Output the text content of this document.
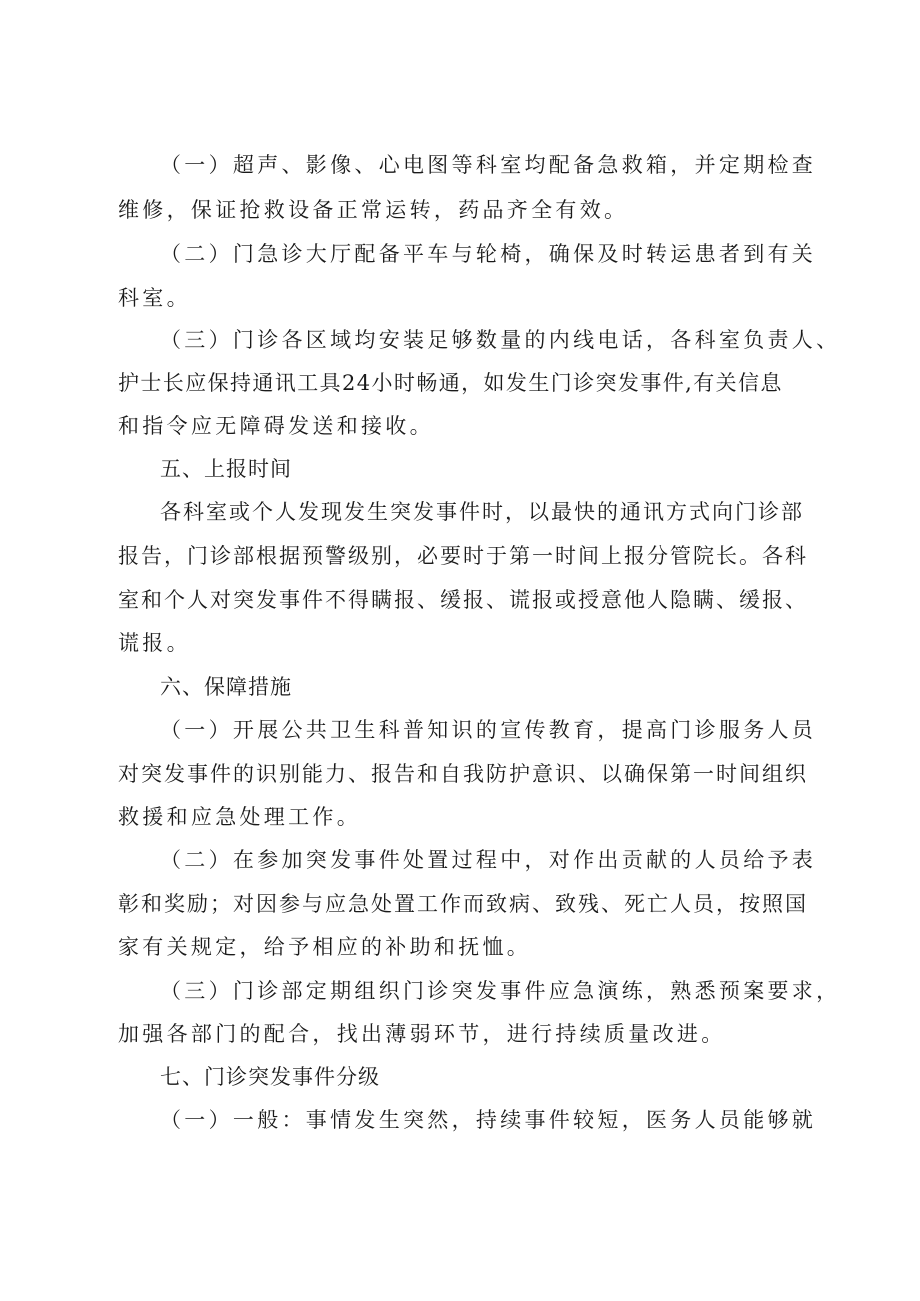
（一）超声、影像、心电图等科室均配备急救箱，并定期检查
维修，保证抢救设备正常运转，药品齐全有效。
（二）门急诊大厅配备平车与轮椅，确保及时转运患者到有关
科室。
（三）门诊各区域均安装足够数量的内线电话，各科室负责人、
护士长应保持通讯工具24小时畅通，如发生门诊突发事件,有关信息
和指令应无障碍发送和接收。
五、上报时间
各科室或个人发现发生突发事件时，以最快的通讯方式向门诊部
报告，门诊部根据预警级别，必要时于第一时间上报分管院长。各科
室和个人对突发事件不得瞒报、缓报、谎报或授意他人隐瞒、缓报、
谎报。
六、保障措施
（一）开展公共卫生科普知识的宣传教育，提高门诊服务人员
对突发事件的识别能力、报告和自我防护意识、以确保第一时间组织
救援和应急处理工作。
（二）在参加突发事件处置过程中，对作出贡献的人员给予表
彰和奖励；对因参与应急处置工作而致病、致残、死亡人员，按照国
家有关规定，给予相应的补助和抚恤。
（三）门诊部定期组织门诊突发事件应急演练，熟悉预案要求，
加强各部门的配合，找出薄弱环节，进行持续质量改进。
七、门诊突发事件分级
（一）一般：事情发生突然，持续事件较短，医务人员能够就
